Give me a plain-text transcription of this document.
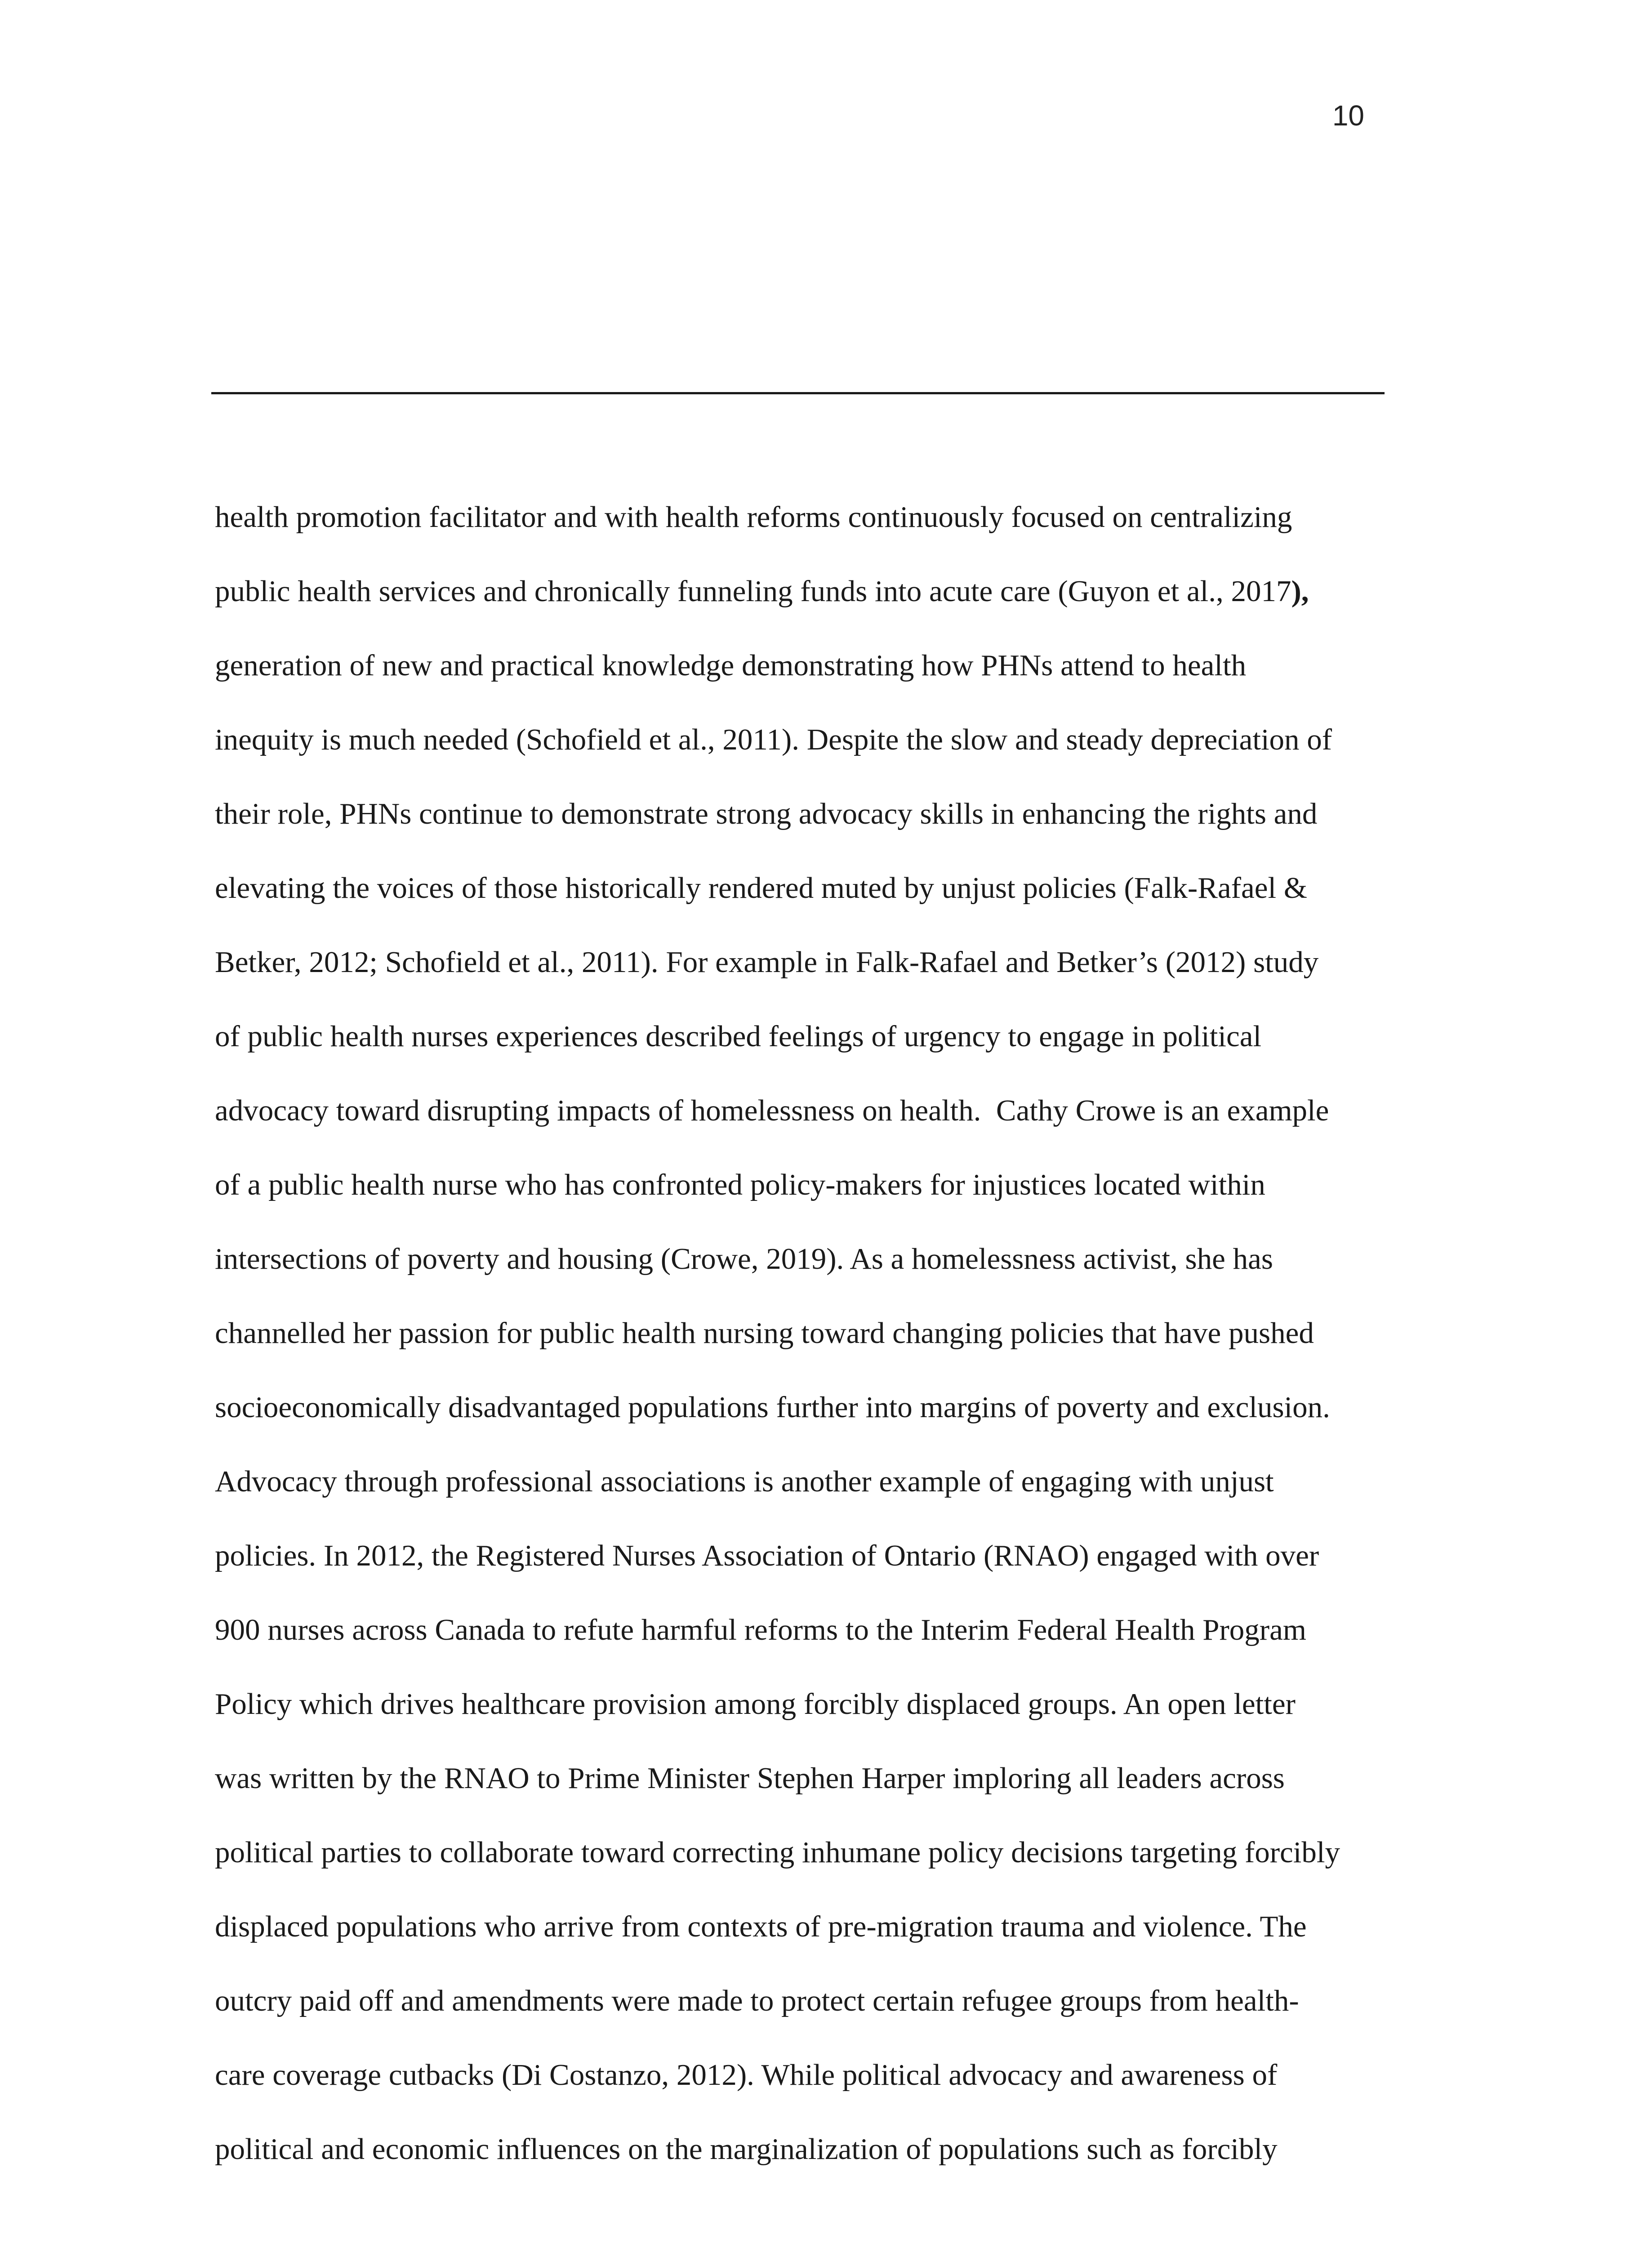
10
health promotion facilitator and with health reforms continuously focused on centralizing
public health services and chronically funneling funds into acute care (Guyon et al., 2017),
generation of new and practical knowledge demonstrating how PHNs attend to health
inequity is much needed (Schofield et al., 2011). Despite the slow and steady depreciation of
their role, PHNs continue to demonstrate strong advocacy skills in enhancing the rights and
elevating the voices of those historically rendered muted by unjust policies (Falk-Rafael &
Betker, 2012; Schofield et al., 2011). For example in Falk-Rafael and Betker’s (2012) study
of public health nurses experiences described feelings of urgency to engage in political
advocacy toward disrupting impacts of homelessness on health.  Cathy Crowe is an example
of a public health nurse who has confronted policy-makers for injustices located within
intersections of poverty and housing (Crowe, 2019). As a homelessness activist, she has
channelled her passion for public health nursing toward changing policies that have pushed
socioeconomically disadvantaged populations further into margins of poverty and exclusion.
Advocacy through professional associations is another example of engaging with unjust
policies. In 2012, the Registered Nurses Association of Ontario (RNAO) engaged with over
900 nurses across Canada to refute harmful reforms to the Interim Federal Health Program
Policy which drives healthcare provision among forcibly displaced groups. An open letter
was written by the RNAO to Prime Minister Stephen Harper imploring all leaders across
political parties to collaborate toward correcting inhumane policy decisions targeting forcibly
displaced populations who arrive from contexts of pre-migration trauma and violence. The
outcry paid off and amendments were made to protect certain refugee groups from health-
care coverage cutbacks (Di Costanzo, 2012). While political advocacy and awareness of
political and economic influences on the marginalization of populations such as forcibly
